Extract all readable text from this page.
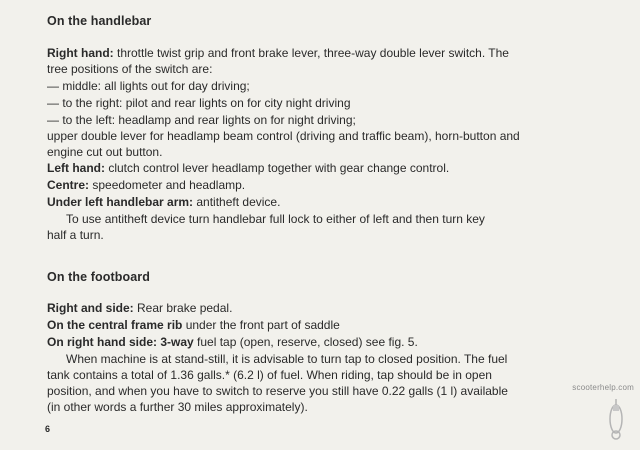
On the handlebar
Right hand: throttle twist grip and front brake lever, three-way double lever switch. The
tree positions of the switch are:
— middle: all lights out for day driving;
— to the right: pilot and rear lights on for city night driving
— to the left: headlamp and rear lights on for night driving;
upper double lever for headlamp beam control (driving and traffic beam), horn-button and
engine cut out button.
Left hand: clutch control lever headlamp together with gear change control.
Centre: speedometer and headlamp.
Under left handlebar arm: antitheft device.
To use antitheft device turn handlebar full lock to either of left and then turn key
half a turn.
On the footboard
Right and side: Rear brake pedal.
On the central frame rib under the front part of saddle
On right hand side: 3-way fuel tap (open, reserve, closed) see fig. 5.
When machine is at stand-still, it is advisable to turn tap to closed position. The fuel
tank contains a total of 1.36 galls.* (6.2 l) of fuel. When riding, tap should be in open
position, and when you have to switch to reserve you still have 0.22 galls (1 l) available
(in other words a further 30 miles approximately).
6
scooterhelp.com
